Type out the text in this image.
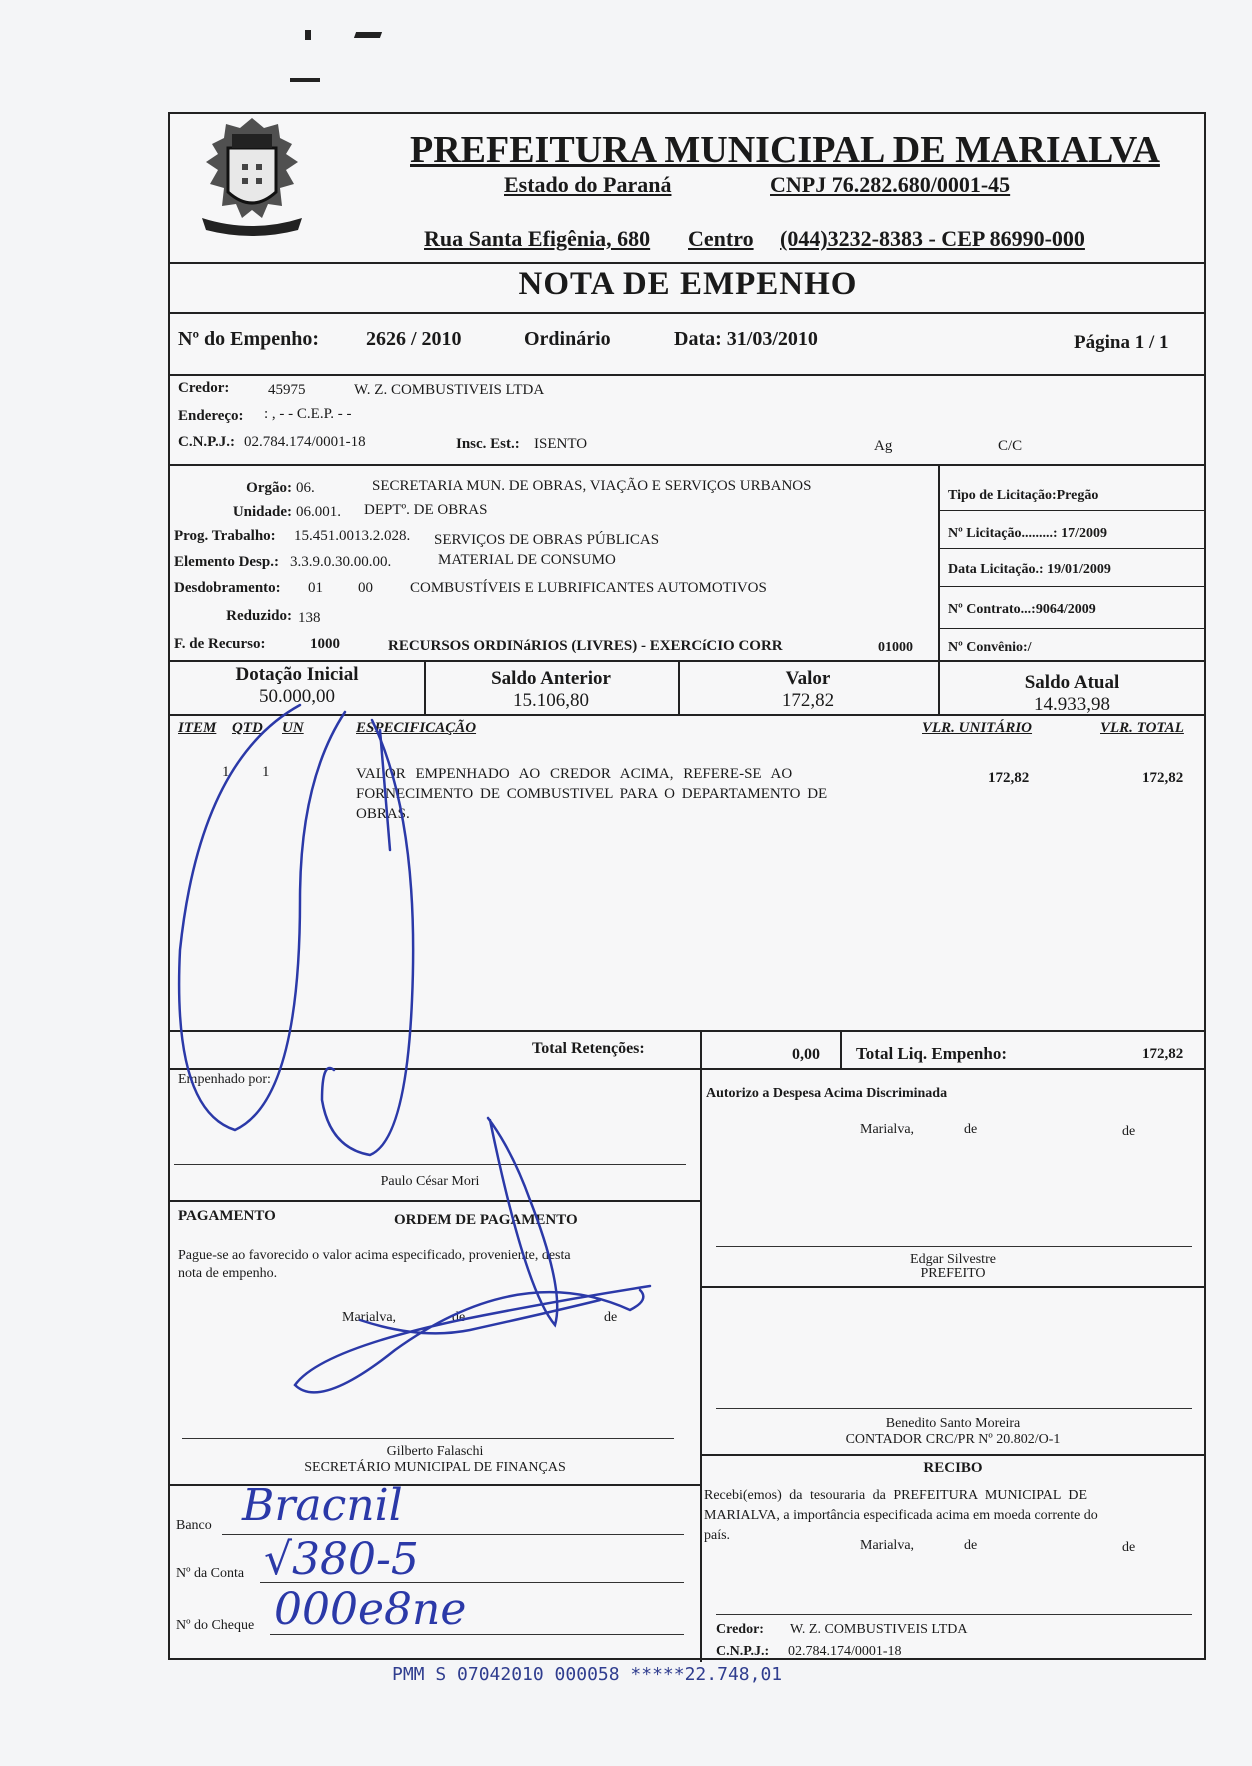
PREFEITURA MUNICIPAL DE MARIALVA
Estado do Paraná	CNPJ 76.282.680/0001-45
Rua Santa Efigênia, 680 Centro (044)3232-8383 - CEP 86990-000
NOTA DE EMPENHO
Nº do Empenho: 2626 / 2010	Ordinário	Data: 31/03/2010	Página 1 / 1
Credor:	45975	W. Z. COMBUSTIVEIS LTDA
Endereço: : , - - C.E.P. - -
C.N.P.J.: 02.784.174/0001-18	Insc. Est.: ISENTO	Ag	C/C
Orgão: 06.	SECRETARIA MUN. DE OBRAS, VIAÇÃO E SERVIÇOS URBANOS
Unidade: 06.001. DEPTº. DE OBRAS
Prog. Trabalho: 15.451.0013.2.028. SERVIÇOS DE OBRAS PÚBLICAS
Elemento Desp.: 3.3.9.0.30.00.00.	MATERIAL DE CONSUMO
Desdobramento: 01 00 COMBUSTÍVEIS E LUBRIFICANTES AUTOMOTIVOS
Reduzido: 138
F. de Recurso:	1000	RECURSOS ORDINáRIOS (LIVRES) - EXERCíCIO CORR	01000
Tipo de Licitação:Pregão
Nº Licitação.........: 17/2009
Data Licitação.: 19/01/2009
Nº Contrato...:9064/2009
Nº Convênio:/
Dotação Inicial
50.000,00
Saldo Anterior
15.106,80
Valor
172,82
Saldo Atual
14.933,98
ITEM QTD UN	ESPECIFICAÇÃO	VLR. UNITÁRIO	VLR. TOTAL
1 1	VALOR EMPENHADO AO CREDOR ACIMA, REFERE-SE AO
FORNECIMENTO DE COMBUSTIVEL PARA O DEPARTAMENTO DE
OBRAS.
172,82	172,82
Total Retenções:	0,00 Total Liq. Empenho:	172,82
Empenhado por:
Paulo César Mori
Autorizo a Despesa Acima Discriminada
Marialva,	de	de
Edgar Silvestre
PREFEITO
PAGAMENTO	ORDEM DE PAGAMENTO
Pague-se ao favorecido o valor acima especificado, proveniente, desta
nota de empenho.
Marialva,	de	de
Gilberto Falaschi
SECRETÁRIO MUNICIPAL DE FINANÇAS
Benedito Santo Moreira
CONTADOR CRC/PR Nº 20.802/O-1
RECIBO
Recebi(emos) da tesouraria da PREFEITURA MUNICIPAL DE
MARIALVA, a importância especificada acima em moeda corrente do
país.
Marialva,	de	de
Credor: W. Z. COMBUSTIVEIS LTDA
C.N.P.J.: 02.784.174/0001-18
Banco Bracnil
Nº da Conta √380-5
Nº do Cheque 000e8ne
PMM S 07042010 000058 *****22.748,01
